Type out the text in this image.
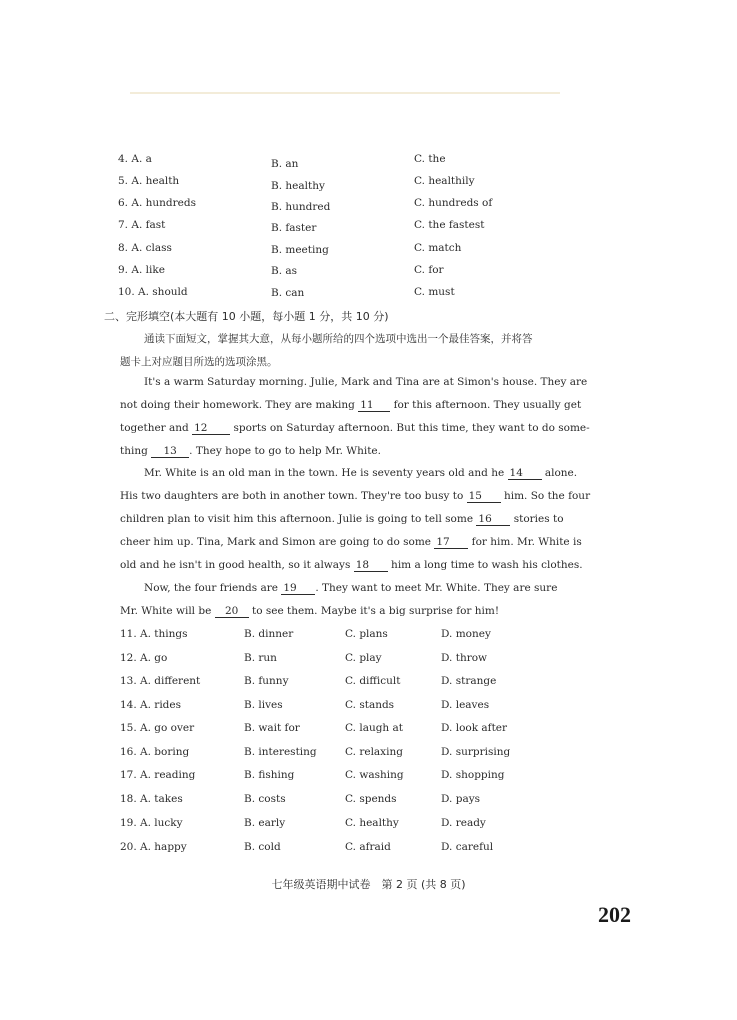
4. A. a	B. an	C. the
5. A. health	B. healthy	C. healthily
6. A. hundreds	B. hundred	C. hundreds of
7. A. fast	B. faster	C. the fastest
8. A. class	B. meeting	C. match
9. A. like	B. as	C. for
10. A. should	B. can	C. must
二、完形填空(本大题有 10 小题，每小题 1 分，共 10 分)
通读下面短文，掌握其大意，从每小题所给的四个选项中选出一个最佳答案，并将答
题卡上对应题目所选的选项涂黑。
It's a warm Saturday morning. Julie, Mark and Tina are at Simon's house. They are
not doing their homework. They are making 11 for this afternoon. They usually get
together and 12 sports on Saturday afternoon. But this time, they want to do some-
thing 13 . They hope to go to help Mr. White.
Mr. White is an old man in the town. He is seventy years old and he 14 alone.
His two daughters are both in another town. They're too busy to 15 him. So the four
children plan to visit him this afternoon. Julie is going to tell some 16 stories to
cheer him up. Tina, Mark and Simon are going to do some 17 for him. Mr. White is
old and he isn't in good health, so it always 18 him a long time to wash his clothes.
Now, the four friends are 19 . They want to meet Mr. White. They are sure
Mr. White will be 20 to see them. Maybe it's a big surprise for him!
11. A. things	B. dinner	C. plans	D. money
12. A. go	B. run	C. play	D. throw
13. A. different	B. funny	C. difficult	D. strange
14. A. rides	B. lives	C. stands	D. leaves
15. A. go over	B. wait for	C. laugh at	D. look after
16. A. boring	B. interesting	C. relaxing	D. surprising
17. A. reading	B. fishing	C. washing	D. shopping
18. A. takes	B. costs	C. spends	D. pays
19. A. lucky	B. early	C. healthy	D. ready
20. A. happy	B. cold	C. afraid	D. careful
七年级英语期中试卷　第 2 页 (共 8 页)
202
